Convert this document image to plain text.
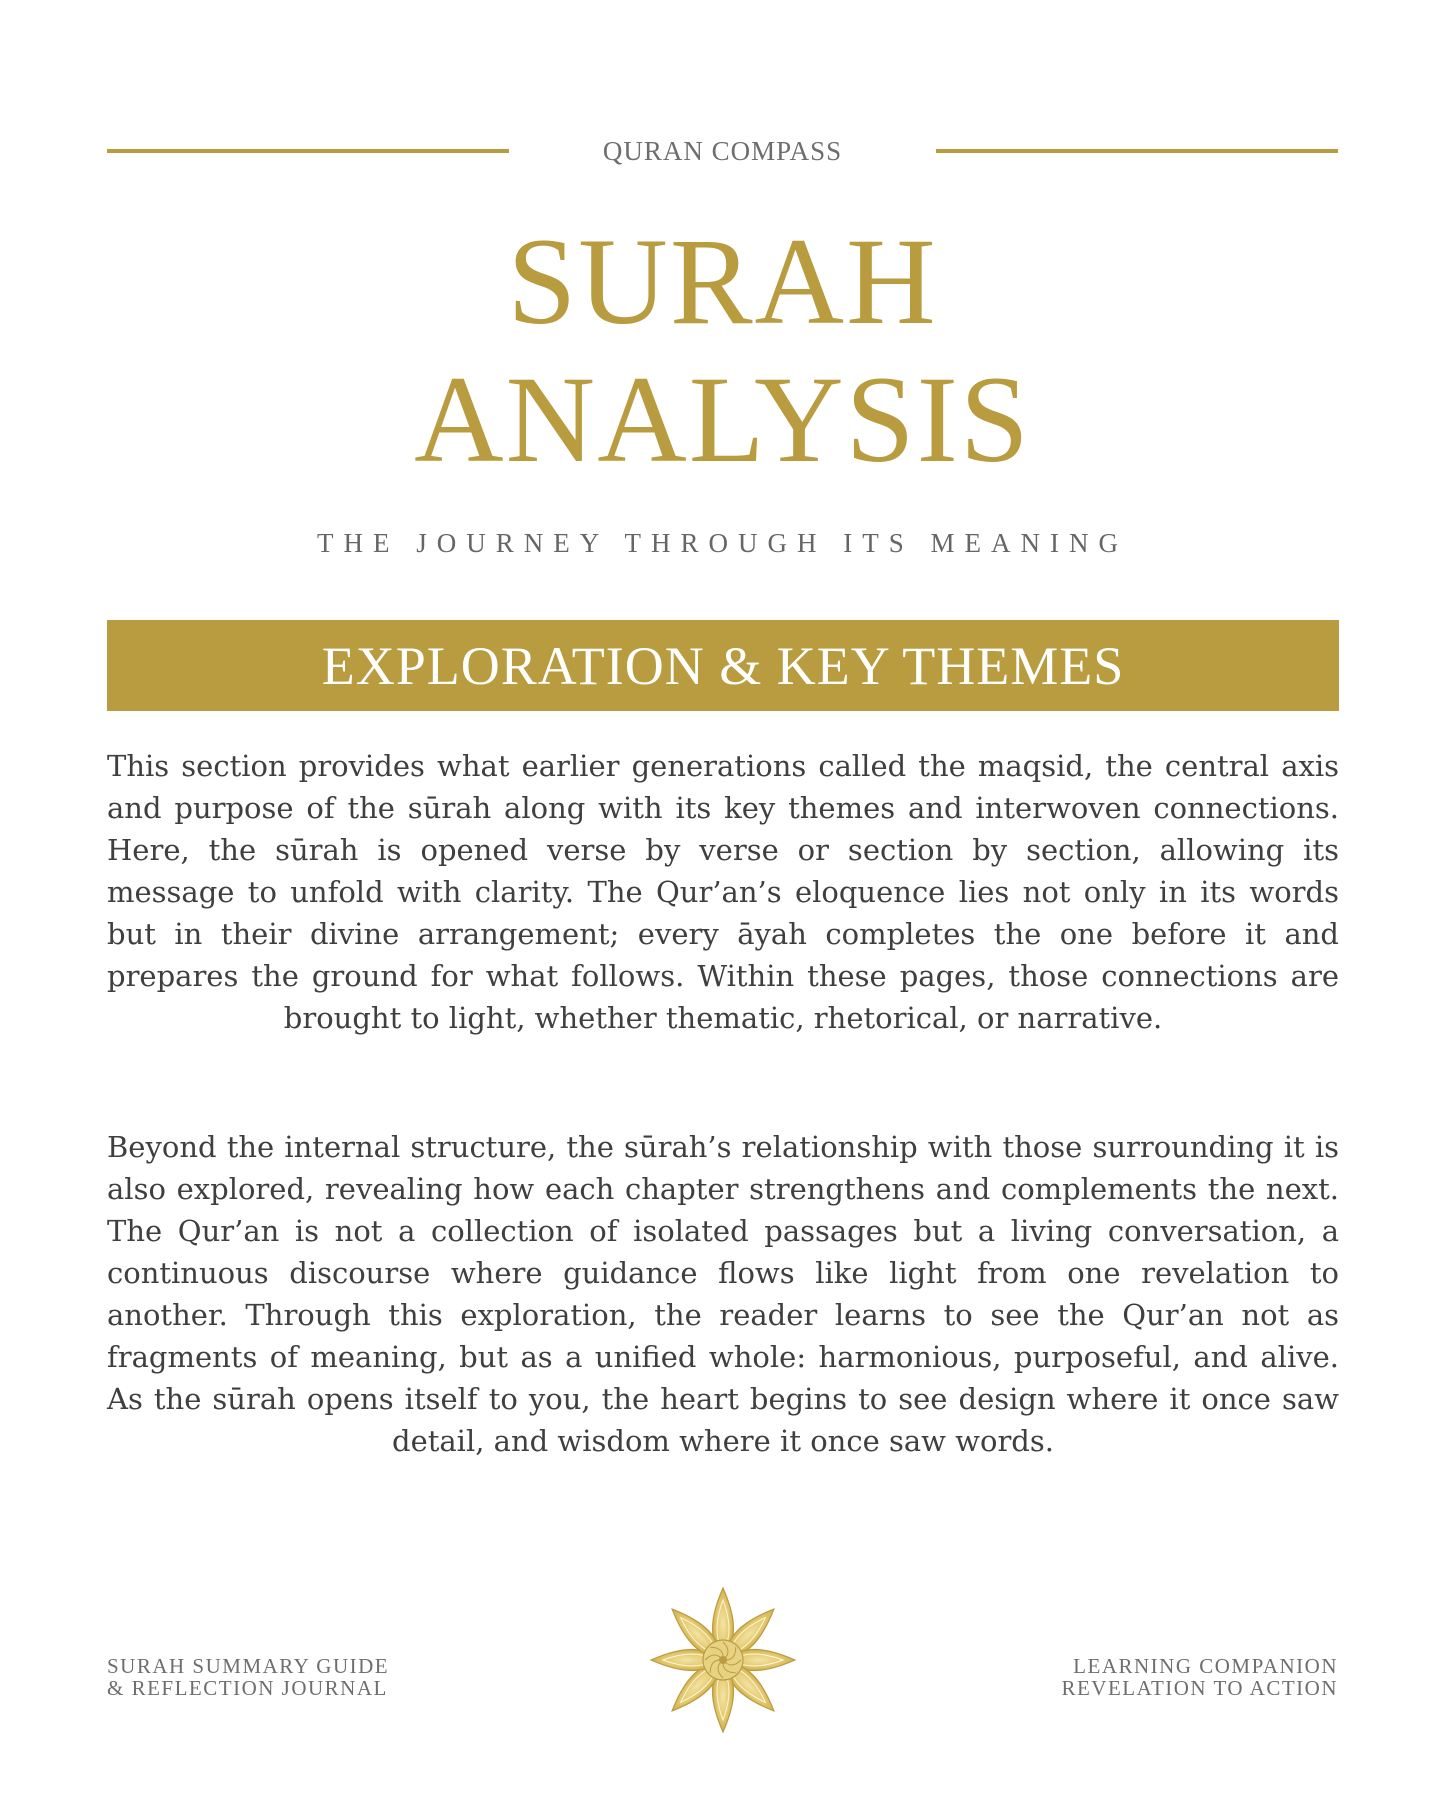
QURAN COMPASS
SURAH
ANALYSIS
THE JOURNEY THROUGH ITS MEANING
EXPLORATION & KEY THEMES

This section provides what earlier generations called the maqsid, the central axis and purpose of the sūrah along with its key themes and interwoven connections. Here, the sūrah is opened verse by verse or section by section, allowing its message to unfold with clarity. The Qur’an’s eloquence lies not only in its words but in their divine arrangement; every āyah completes the one before it and prepares the ground for what follows. Within these pages, those connections are brought to light, whether thematic, rhetorical, or narrative.

Beyond the internal structure, the sūrah’s relationship with those surrounding it is also explored, revealing how each chapter strengthens and complements the next. The Qur’an is not a collection of isolated passages but a living conversation, a continuous discourse where guidance flows like light from one revelation to another. Through this exploration, the reader learns to see the Qur’an not as fragments of meaning, but as a unified whole: harmonious, purposeful, and alive. As the sūrah opens itself to you, the heart begins to see design where it once saw detail, and wisdom where it once saw words.

SURAH SUMMARY GUIDE
& REFLECTION JOURNAL
LEARNING COMPANION
REVELATION TO ACTION
